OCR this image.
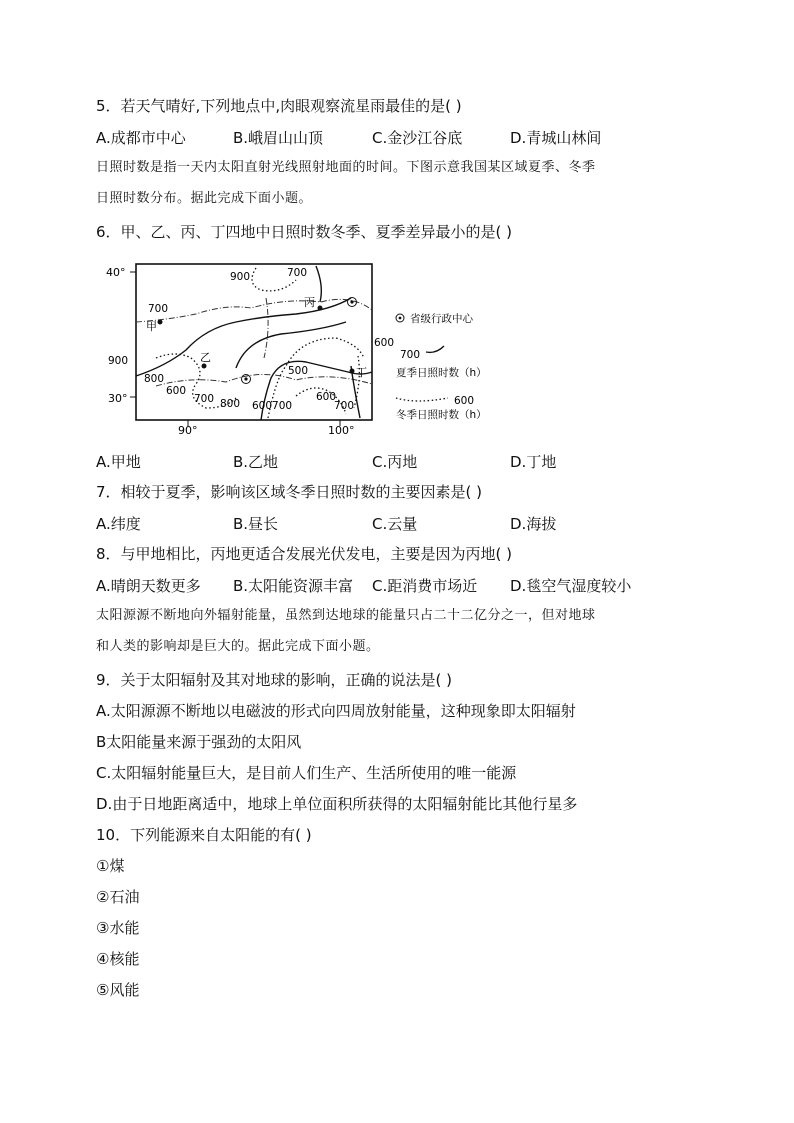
5．若天气晴好,下列地点中,肉眼观察流星雨最佳的是( )
A.成都市中心	B.峨眉山山顶	C.金沙江谷底	D.青城山林间
日照时数是指一天内太阳直射光线照射地面的时间。下图示意我国某区域夏季、冬季
日照时数分布。据此完成下面小题。
6．甲、乙、丙、丁四地中日照时数冬季、夏季差异最小的是( )
40°
30°
90°	100°
甲
乙
丙
丁
900	700
700
900
800
600
700 800 600700
500
600
700
600
省级行政中心
700
夏季日照时数（h）
600
冬季日照时数（h）
A.甲地	B.乙地	C.丙地	D.丁地
7．相较于夏季，影响该区域冬季日照时数的主要因素是( )
A.纬度	B.昼长	C.云量	D.海拔
8．与甲地相比，丙地更适合发展光伏发电，主要是因为丙地( )
A.晴朗天数更多 B.太阳能资源丰富 C.距消费市场近 D.毯空气湿度较小
太阳源源不断地向外辐射能量，虽然到达地球的能量只占二十二亿分之一，但对地球
和人类的影响却是巨大的。据此完成下面小题。
9．关于太阳辐射及其对地球的影响，正确的说法是( )
A.太阳源源不断地以电磁波的形式向四周放射能量，这种现象即太阳辐射
B太阳能量来源于强劲的太阳风
C.太阳辐射能量巨大，是目前人们生产、生活所使用的唯一能源
D.由于日地距离适中，地球上单位面积所获得的太阳辐射能比其他行星多
10．下列能源来自太阳能的有( )
①煤
②石油
③水能
④核能
⑤风能
